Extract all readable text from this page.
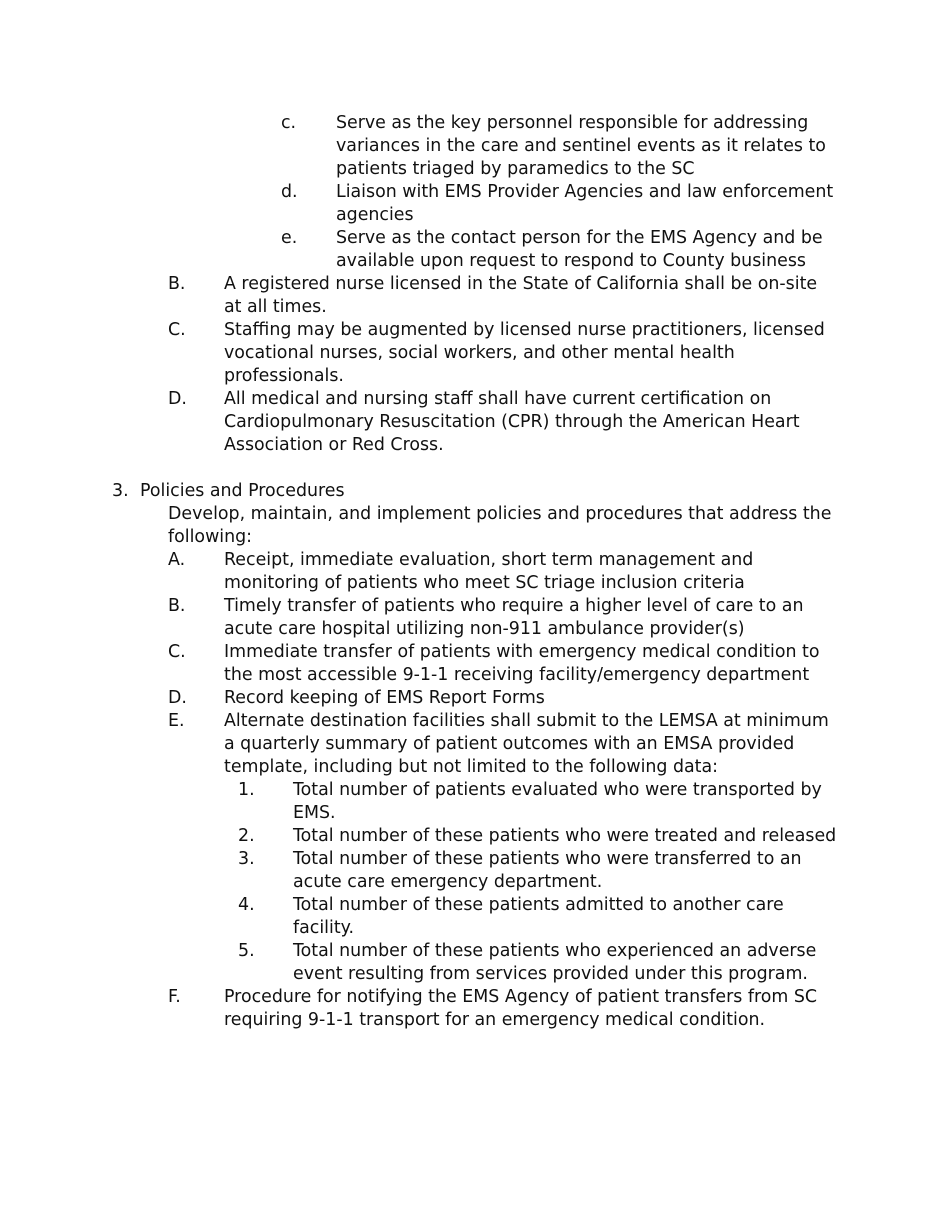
c. Serve as the key personnel responsible for addressing variances in the care and sentinel events as it relates to patients triaged by paramedics to the SC
d. Liaison with EMS Provider Agencies and law enforcement agencies
e. Serve as the contact person for the EMS Agency and be available upon request to respond to County business
B. A registered nurse licensed in the State of California shall be on-site at all times.
C. Staffing may be augmented by licensed nurse practitioners, licensed vocational nurses, social workers, and other mental health professionals.
D. All medical and nursing staff shall have current certification on Cardiopulmonary Resuscitation (CPR) through the American Heart Association or Red Cross.
3. Policies and Procedures
Develop, maintain, and implement policies and procedures that address the following:
A. Receipt, immediate evaluation, short term management and monitoring of patients who meet SC triage inclusion criteria
B. Timely transfer of patients who require a higher level of care to an acute care hospital utilizing non-911 ambulance provider(s)
C. Immediate transfer of patients with emergency medical condition to the most accessible 9-1-1 receiving facility/emergency department
D. Record keeping of EMS Report Forms
E. Alternate destination facilities shall submit to the LEMSA at minimum a quarterly summary of patient outcomes with an EMSA provided template, including but not limited to the following data:
1. Total number of patients evaluated who were transported by EMS.
2. Total number of these patients who were treated and released
3. Total number of these patients who were transferred to an acute care emergency department.
4. Total number of these patients admitted to another care facility.
5. Total number of these patients who experienced an adverse event resulting from services provided under this program.
F. Procedure for notifying the EMS Agency of patient transfers from SC requiring 9-1-1 transport for an emergency medical condition.
